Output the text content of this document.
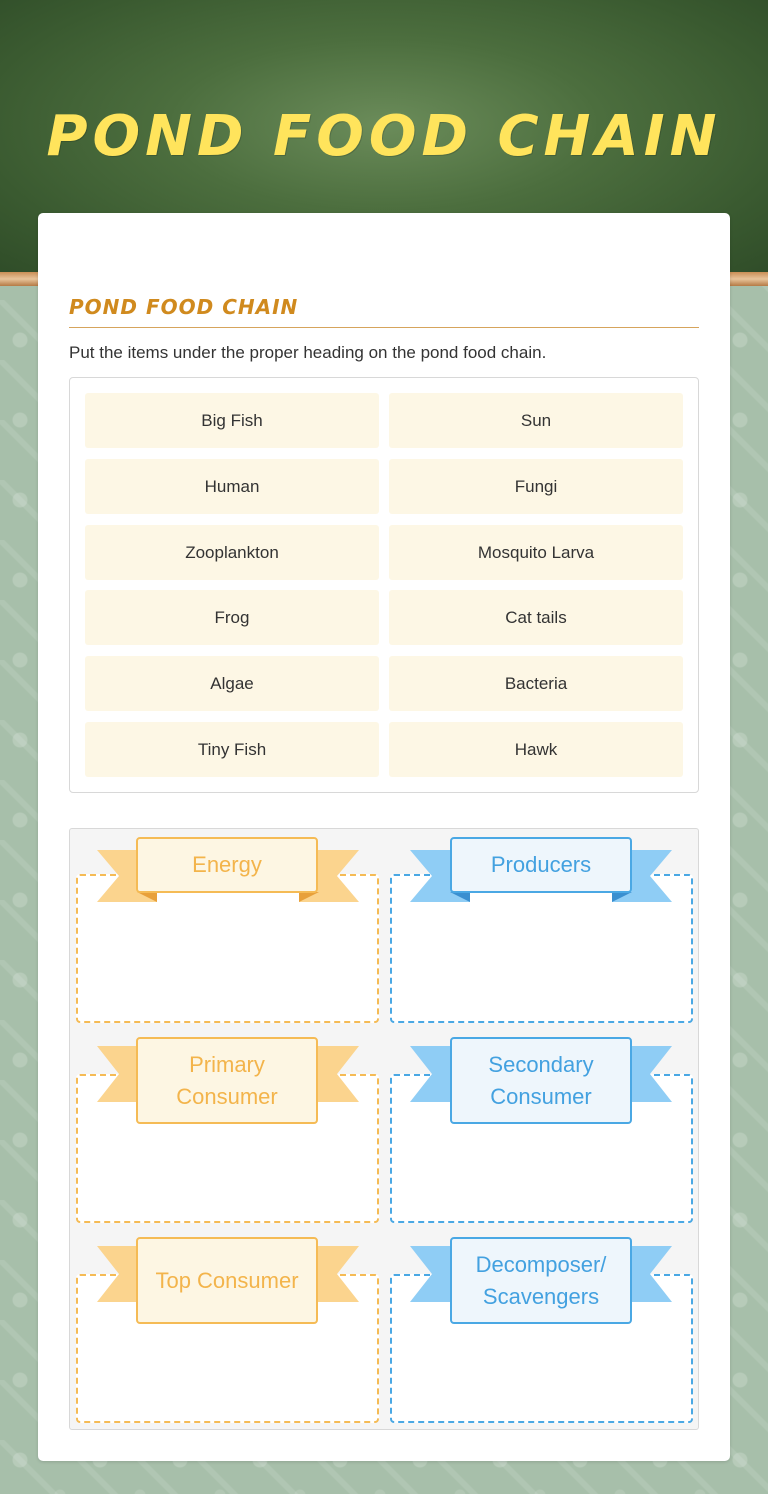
POND FOOD CHAIN
POND FOOD CHAIN
Put the items under the proper heading on the pond food chain.
Big Fish	Sun
Human	Fungi
Zooplankton	Mosquito Larva
Frog	Cat tails
Algae	Bacteria
Tiny Fish	Hawk
Energy	Producers
Primary Consumer
Secondary Consumer
Top Consumer
Decomposer/ Scavengers
